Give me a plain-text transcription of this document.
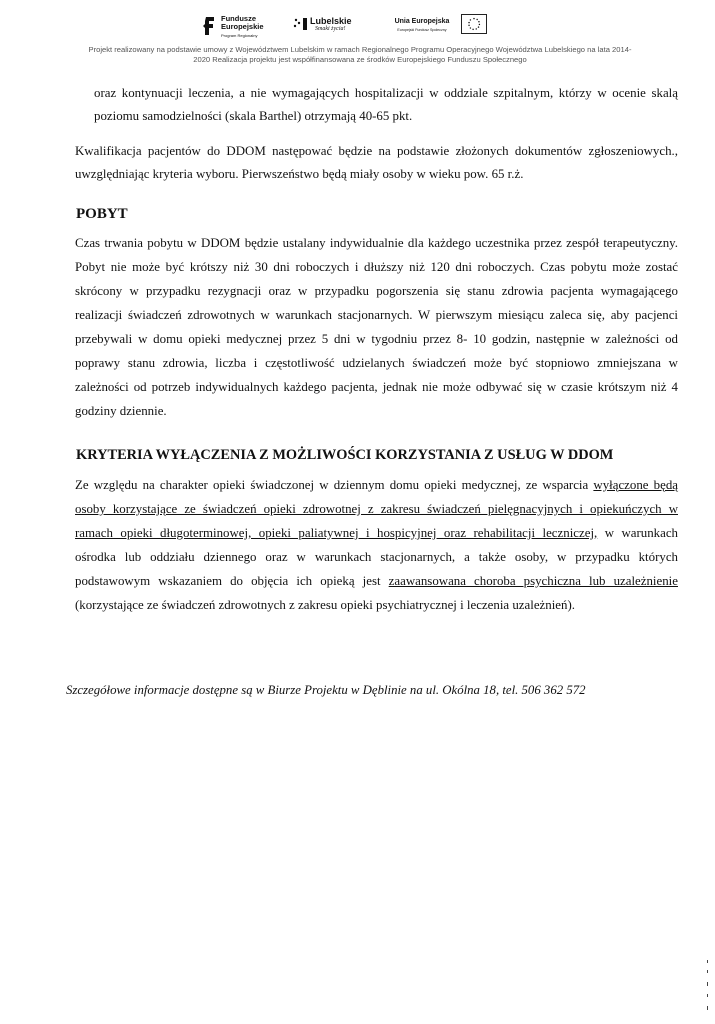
Fundusze
Europejskie
Program Regionalny
Lubelskie
Smaki życia!
Unia Europejska
Europejski Fundusz Społeczny
Projekt realizowany na podstawie umowy z Województwem Lubelskim w ramach Regionalnego Programu Operacyjnego Województwa Lubelskiego na lata 2014-
2020 Realizacja projektu jest współfinansowana ze środków Europejskiego Funduszu Społecznego

oraz kontynuacji leczenia, a nie wymagających hospitalizacji w oddziale szpitalnym, którzy w ocenie skalą

poziomu samodzielności (skala Barthel) otrzymają 40-65 pkt.

Kwalifikacja pacjentów do DDOM następować będzie na podstawie złożonych dokumentów zgłoszeniowych.,

uwzględniając kryteria wyboru. Pierwszeństwo będą miały osoby w wieku pow. 65 r.ż.

POBYT

Czas trwania pobytu w DDOM będzie ustalany indywidualnie dla każdego uczestnika przez zespół terapeutyczny.

Pobyt nie może być krótszy niż 30 dni roboczych i dłuższy niż 120 dni roboczych. Czas pobytu może zostać

skrócony w przypadku rezygnacji oraz w przypadku pogorszenia się stanu zdrowia pacjenta wymagającego

realizacji świadczeń zdrowotnych w warunkach stacjonarnych. W pierwszym miesiącu zaleca się, aby pacjenci

przebywali w domu opieki medycznej przez 5 dni w tygodniu przez 8- 10 godzin, następnie w zależności od

poprawy stanu zdrowia, liczba i częstotliwość udzielanych świadczeń może być stopniowo zmniejszana w

zależności od potrzeb indywidualnych każdego pacjenta, jednak nie może odbywać się w czasie krótszym niż 4

godziny dziennie.

KRYTERIA WYŁĄCZENIA Z MOŻLIWOŚCI KORZYSTANIA Z USŁUG W DDOM

Ze względu na charakter opieki świadczonej w dziennym domu opieki medycznej, ze wsparcia wyłączone będą

osoby korzystające ze świadczeń opieki zdrowotnej z zakresu świadczeń pielęgnacyjnych i opiekuńczych w

ramach opieki długoterminowej, opieki paliatywnej i hospicyjnej oraz rehabilitacji leczniczej, w warunkach

ośrodka lub oddziału dziennego oraz w warunkach stacjonarnych, a także osoby, w przypadku których

podstawowym wskazaniem do objęcia ich opieką jest zaawansowana choroba psychiczna lub uzależnienie

(korzystające ze świadczeń zdrowotnych z zakresu opieki psychiatrycznej i leczenia uzależnień).

Szczegółowe informacje dostępne są w Biurze Projektu w Dęblinie na ul. Okólna 18, tel. 506 362 572
